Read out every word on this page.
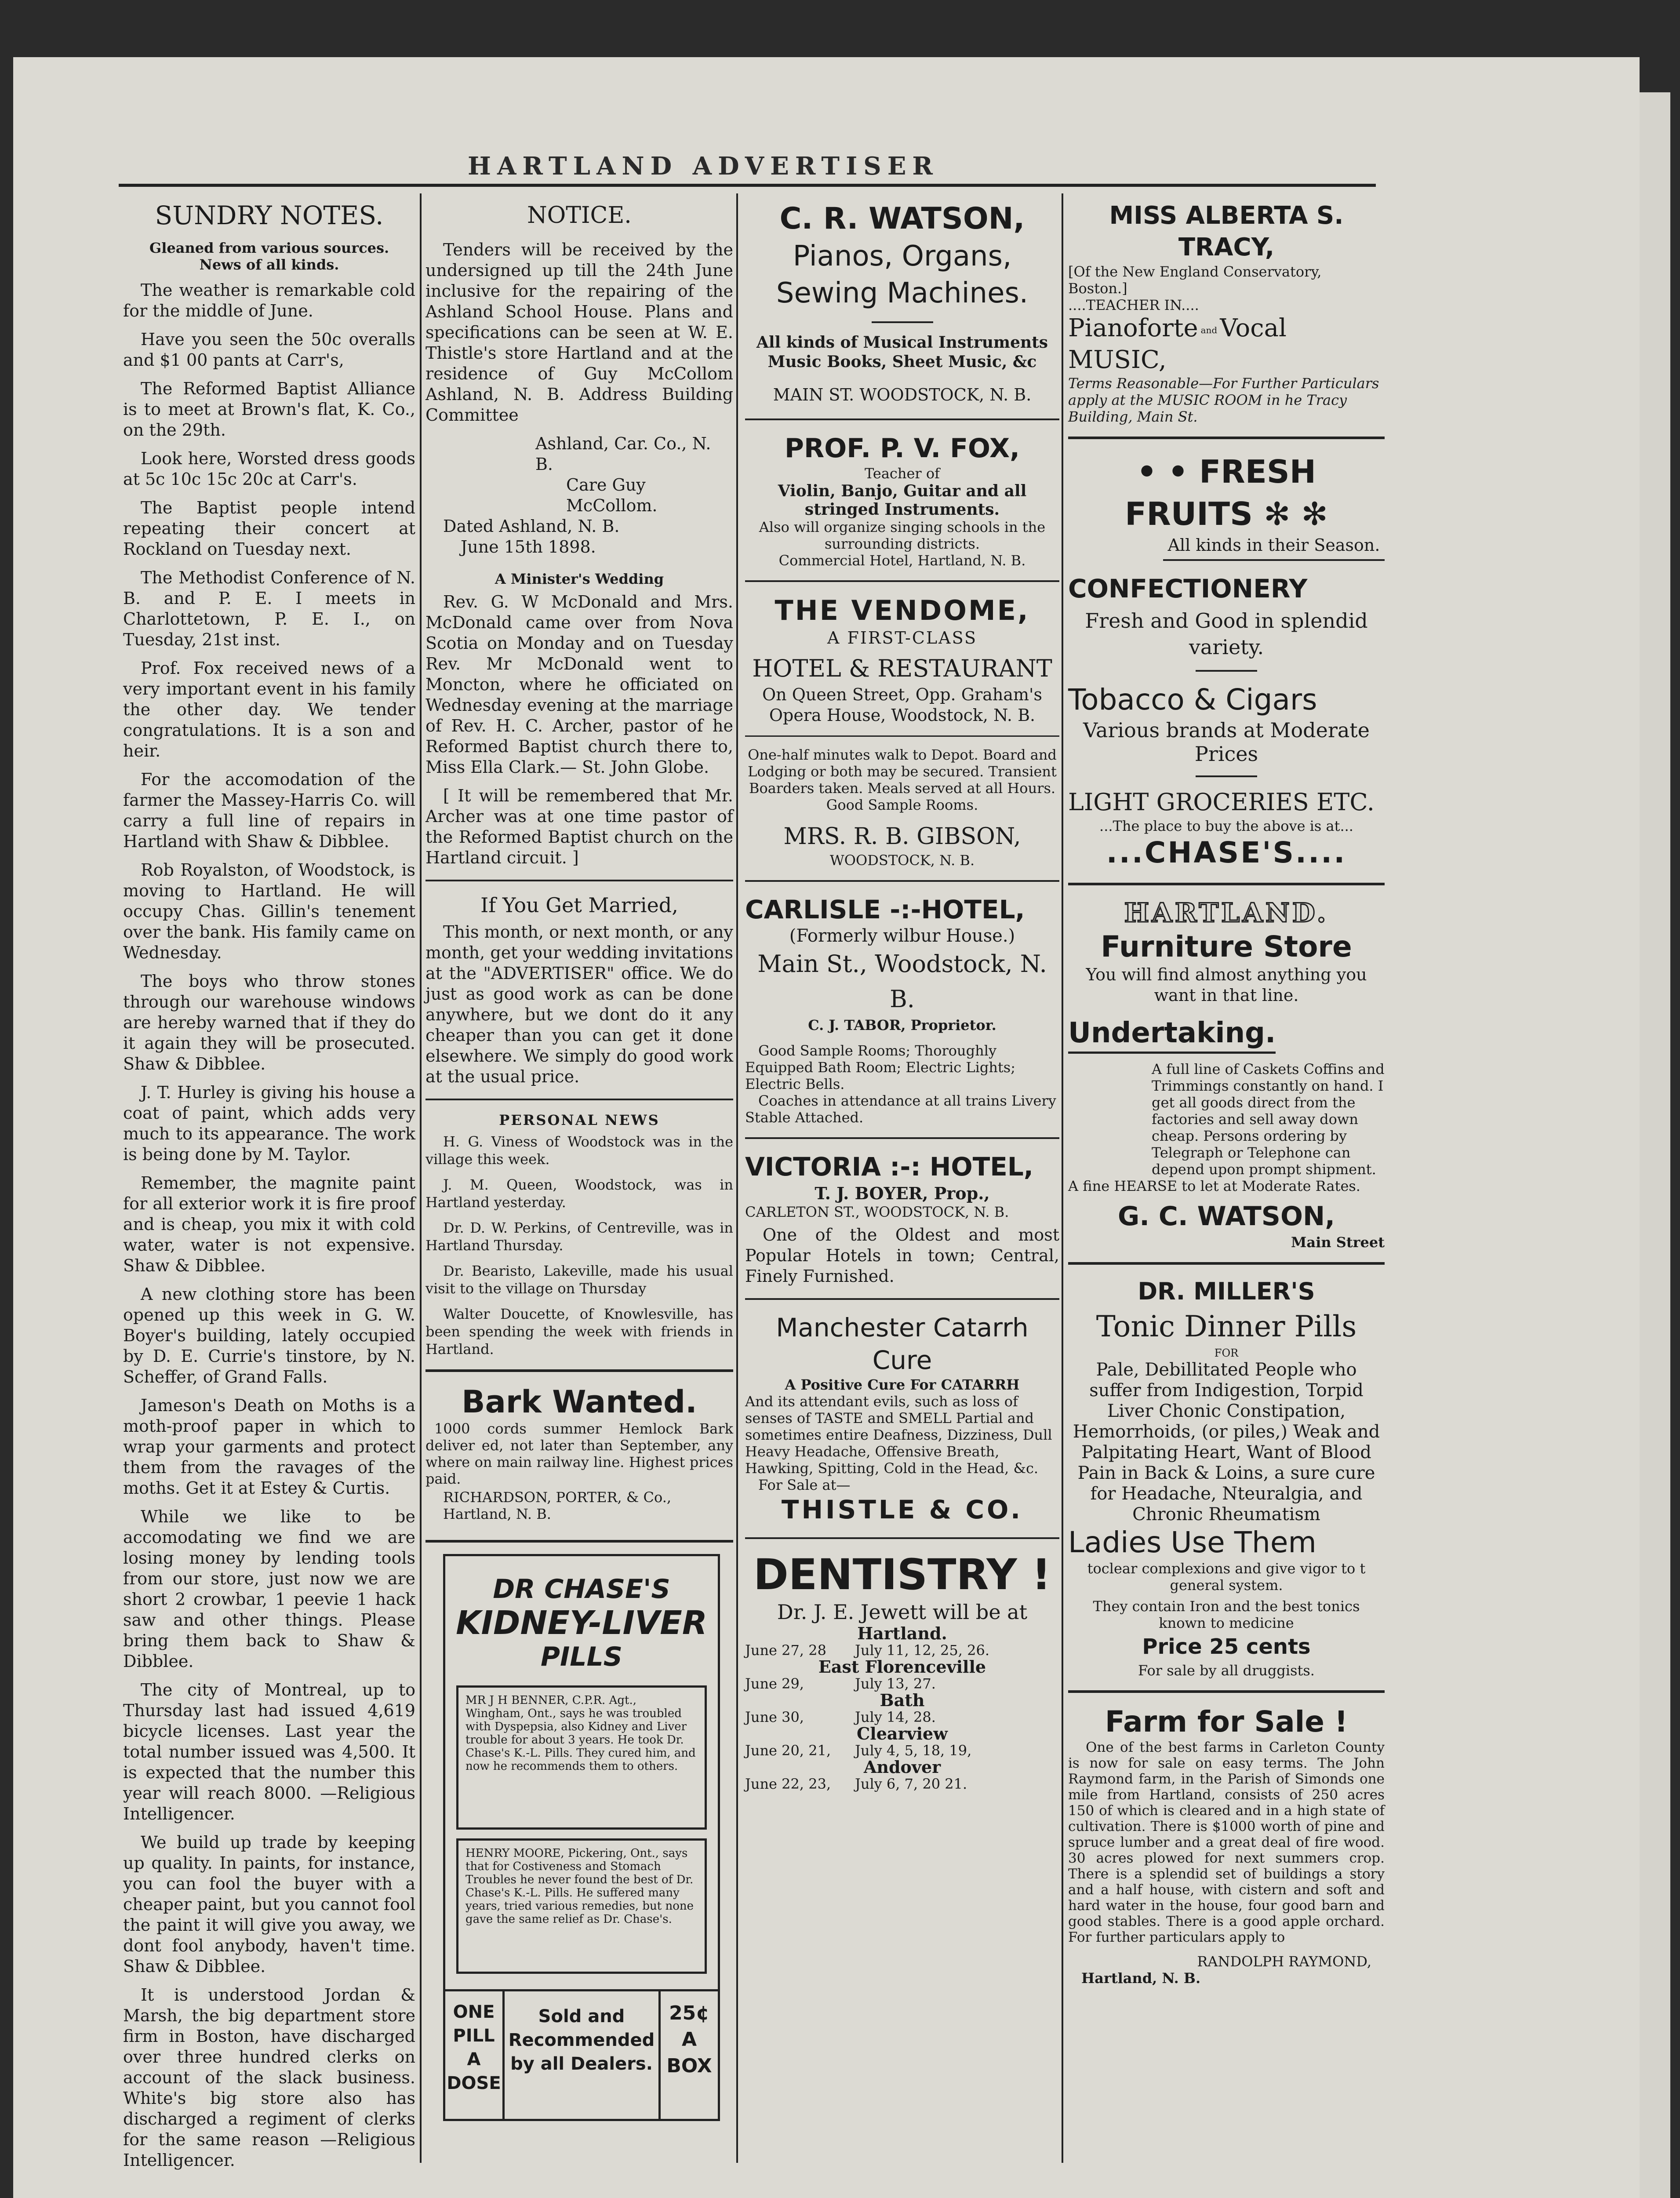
HARTLAND ADVERTISER
SUNDRY NOTES.
Gleaned from various sources.
News of all kinds.

The weather is remarkable cold for the middle of June.

Have you seen the 50c overalls and $1 00 pants at Carr's,

The Reformed Baptist Alliance is to meet at Brown's flat, K. Co., on the 29th.

Look here, Worsted dress goods at 5c 10c 15c 20c at Carr's.

The Baptist people intend repeating their concert at Rockland on Tuesday next.

The Methodist Conference of N. B. and P. E. I meets in Charlottetown, P. E. I., on Tuesday, 21st inst.

Prof. Fox received news of a very important event in his family the other day. We tender congratulations. It is a son and heir.

For the accomodation of the farmer the Massey-Harris Co. will carry a full line of repairs in Hartland with Shaw & Dibblee.

Rob Royalston, of Woodstock, is moving to Hartland. He will occupy Chas. Gillin's tenement over the bank. His family came on Wednesday.

The boys who throw stones through our warehouse windows are hereby warned that if they do it again they will be prosecuted. Shaw & Dibblee.

J. T. Hurley is giving his house a coat of paint, which adds very much to its appearance. The work is being done by M. Taylor.

Remember, the magnite paint for all exterior work it is fire proof and is cheap, you mix it with cold water, water is not expensive. Shaw & Dibblee.

A new clothing store has been opened up this week in G. W. Boyer's building, lately occupied by D. E. Currie's tinstore, by N. Scheffer, of Grand Falls.

Jameson's Death on Moths is a moth-proof paper in which to wrap your garments and protect them from the ravages of the moths. Get it at Estey & Curtis.

While we like to be accomodating we find we are losing money by lending tools from our store, just now we are short 2 crowbar, 1 peevie 1 hack saw and other things. Please bring them back to Shaw & Dibblee.

The city of Montreal, up to Thursday last had issued 4,619 bicycle licenses. Last year the total number issued was 4,500. It is expected that the number this year will reach 8000. —Religious Intelligencer.

We build up trade by keeping up quality. In paints, for instance, you can fool the buyer with a cheaper paint, but you cannot fool the paint it will give you away, we dont fool anybody, haven't time. Shaw & Dibblee.

It is understood Jordan & Marsh, the big department store firm in Boston, have discharged over three hundred clerks on account of the slack business. White's big store also has discharged a regiment of clerks for the same reason —Religious Intelligencer.

NOTICE.

Tenders will be received by the undersigned up till the 24th June inclusive for the repairing of the Ashland School House. Plans and specifications can be seen at W. E. Thistle's store Hartland and at the residence of Guy McCollom Ashland, N. B. Address Building Committee

Ashland, Car. Co., N. B.
Care Guy McCollom.
Dated Ashland, N. B.
June 15th 1898.
A Minister's Wedding

Rev. G. W McDonald and Mrs. McDonald came over from Nova Scotia on Monday and on Tuesday Rev. Mr McDonald went to Moncton, where he officiated on Wednesday evening at the marriage of Rev. H. C. Archer, pastor of he Reformed Baptist church there to, Miss Ella Clark.— St. John Globe.

[ It will be remembered that Mr. Archer was at one time pastor of the Reformed Baptist church on the Hartland circuit. ]

If You Get Married,

This month, or next month, or any month, get your wedding invitations at the "ADVERTISER" office. We do just as good work as can be done anywhere, but we dont do it any cheaper than you can get it done elsewhere. We simply do good work at the usual price.

PERSONAL NEWS

H. G. Viness of Woodstock was in the village this week.

J. M. Queen, Woodstock, was in Hartland yesterday.

Dr. D. W. Perkins, of Centreville, was in Hartland Thursday.

Dr. Bearisto, Lakeville, made his usual visit to the village on Thursday

Walter Doucette, of Knowlesville, has been spending the week with friends in Hartland.

Bark Wanted.

1000 cords summer Hemlock Bark deliver ed, not later than September, any where on main railway line. Highest prices paid.

RICHARDSON, PORTER, & Co.,
Hartland, N. B.
DR CHASE'S
KIDNEY-LIVER
PILLS
MR J H BENNER, C.P.R. Agt., Wingham, Ont., says he was troubled with Dyspepsia, also Kidney and Liver trouble for about 3 years. He took Dr. Chase's K.-L. Pills. They cured him, and now he recommends them to others.
HENRY MOORE, Pickering, Ont., says that for Costiveness and Stomach Troubles he never found the best of Dr. Chase's K.-L. Pills. He suffered many years, tried various remedies, but none gave the same relief as Dr. Chase's.
ONE PILL A DOSE
Sold and Recommended by all Dealers.
25¢ A BOX
C. R. WATSON,
Pianos, Organs, Sewing Machines.
All kinds of Musical Instruments Music Books, Sheet Music, &c
MAIN ST. WOODSTOCK, N. B.
PROF. P. V. FOX,
Teacher of
Violin, Banjo, Guitar and all stringed Instruments.
Also will organize singing schools in the surrounding districts.
Commercial Hotel, Hartland, N. B.
THE VENDOME,
A FIRST-CLASS
HOTEL & RESTAURANT
On Queen Street, Opp. Graham's Opera House, Woodstock, N. B.
One-half minutes walk to Depot. Board and Lodging or both may be secured. Transient Boarders taken. Meals served at all Hours. Good Sample Rooms.
MRS. R. B. GIBSON,
WOODSTOCK, N. B.
CARLISLE -:-HOTEL,
(Formerly wilbur House.)
Main St., Woodstock, N. B.
C. J. TABOR, Proprietor.
Good Sample Rooms; Thoroughly Equipped Bath Room; Electric Lights; Electric Bells.
Coaches in attendance at all trains Livery Stable Attached.
VICTORIA :-: HOTEL,
T. J. BOYER, Prop.,
CARLETON ST., WOODSTOCK, N. B.

One of the Oldest and most Popular Hotels in town; Central, Finely Furnished.

Manchester Catarrh Cure
A Positive Cure For CATARRH
And its attendant evils, such as loss of senses of TASTE and SMELL Partial and sometimes entire Deafness, Dizziness, Dull Heavy Headache, Offensive Breath, Hawking, Spitting, Cold in the Head, &c.
For Sale at—
THISTLE & CO.
DENTISTRY !
Dr. J. E. Jewett will be at
Hartland.
June 27, 28	July 11, 12, 25, 26.
East Florenceville
June 29,	July 13, 27.
Bath
June 30,	July 14, 28.
Clearview
June 20, 21,	July 4, 5, 18, 19,
Andover
June 22, 23,	July 6, 7, 20 21.
MISS ALBERTA S. TRACY,
[Of the New England Conservatory, Boston.]
....TEACHER IN....
Pianoforte and Vocal MUSIC,
Terms Reasonable—For Further Particulars apply at the MUSIC ROOM in he Tracy Building, Main St.
• • FRESH FRUITS ✻ ✻
All kinds in their Season.
CONFECTIONERY
Fresh and Good in splendid variety.
Tobacco & Cigars
Various brands at Moderate Prices
LIGHT GROCERIES ETC.
...The place to buy the above is at...
...CHASE'S....
HARTLAND.
Furniture Store
You will find almost anything you want in that line.
Undertaking.
A full line of Caskets Coffins and Trimmings constantly on hand. I get all goods direct from the factories and sell away down cheap. Persons ordering by Telegraph or Telephone can depend upon prompt shipment.
A fine HEARSE to let at Moderate Rates.
G. C. WATSON,
Main Street
DR. MILLER'S
Tonic Dinner Pills
FOR
Pale, Debillitated People who suffer from Indigestion, Torpid Liver Chonic Constipation, Hemorrhoids, (or piles,) Weak and Palpitating Heart, Want of Blood Pain in Back & Loins, a sure cure for Headache, Nteuralgia, and Chronic Rheumatism
Ladies Use Them
toclear complexions and give vigor to t general system.
They contain Iron and the best tonics known to medicine
Price 25 cents
For sale by all druggists.
Farm for Sale !

One of the best farms in Carleton County is now for sale on easy terms. The John Raymond farm, in the Parish of Simonds one mile from Hartland, consists of 250 acres 150 of which is cleared and in a high state of cultivation. There is $1000 worth of pine and spruce lumber and a great deal of fire wood. 30 acres plowed for next summers crop. There is a splendid set of buildings a story and a half house, with cistern and soft and hard water in the house, four good barn and good stables. There is a good apple orchard. For further particulars apply to

RANDOLPH RAYMOND,
Hartland, N. B.
